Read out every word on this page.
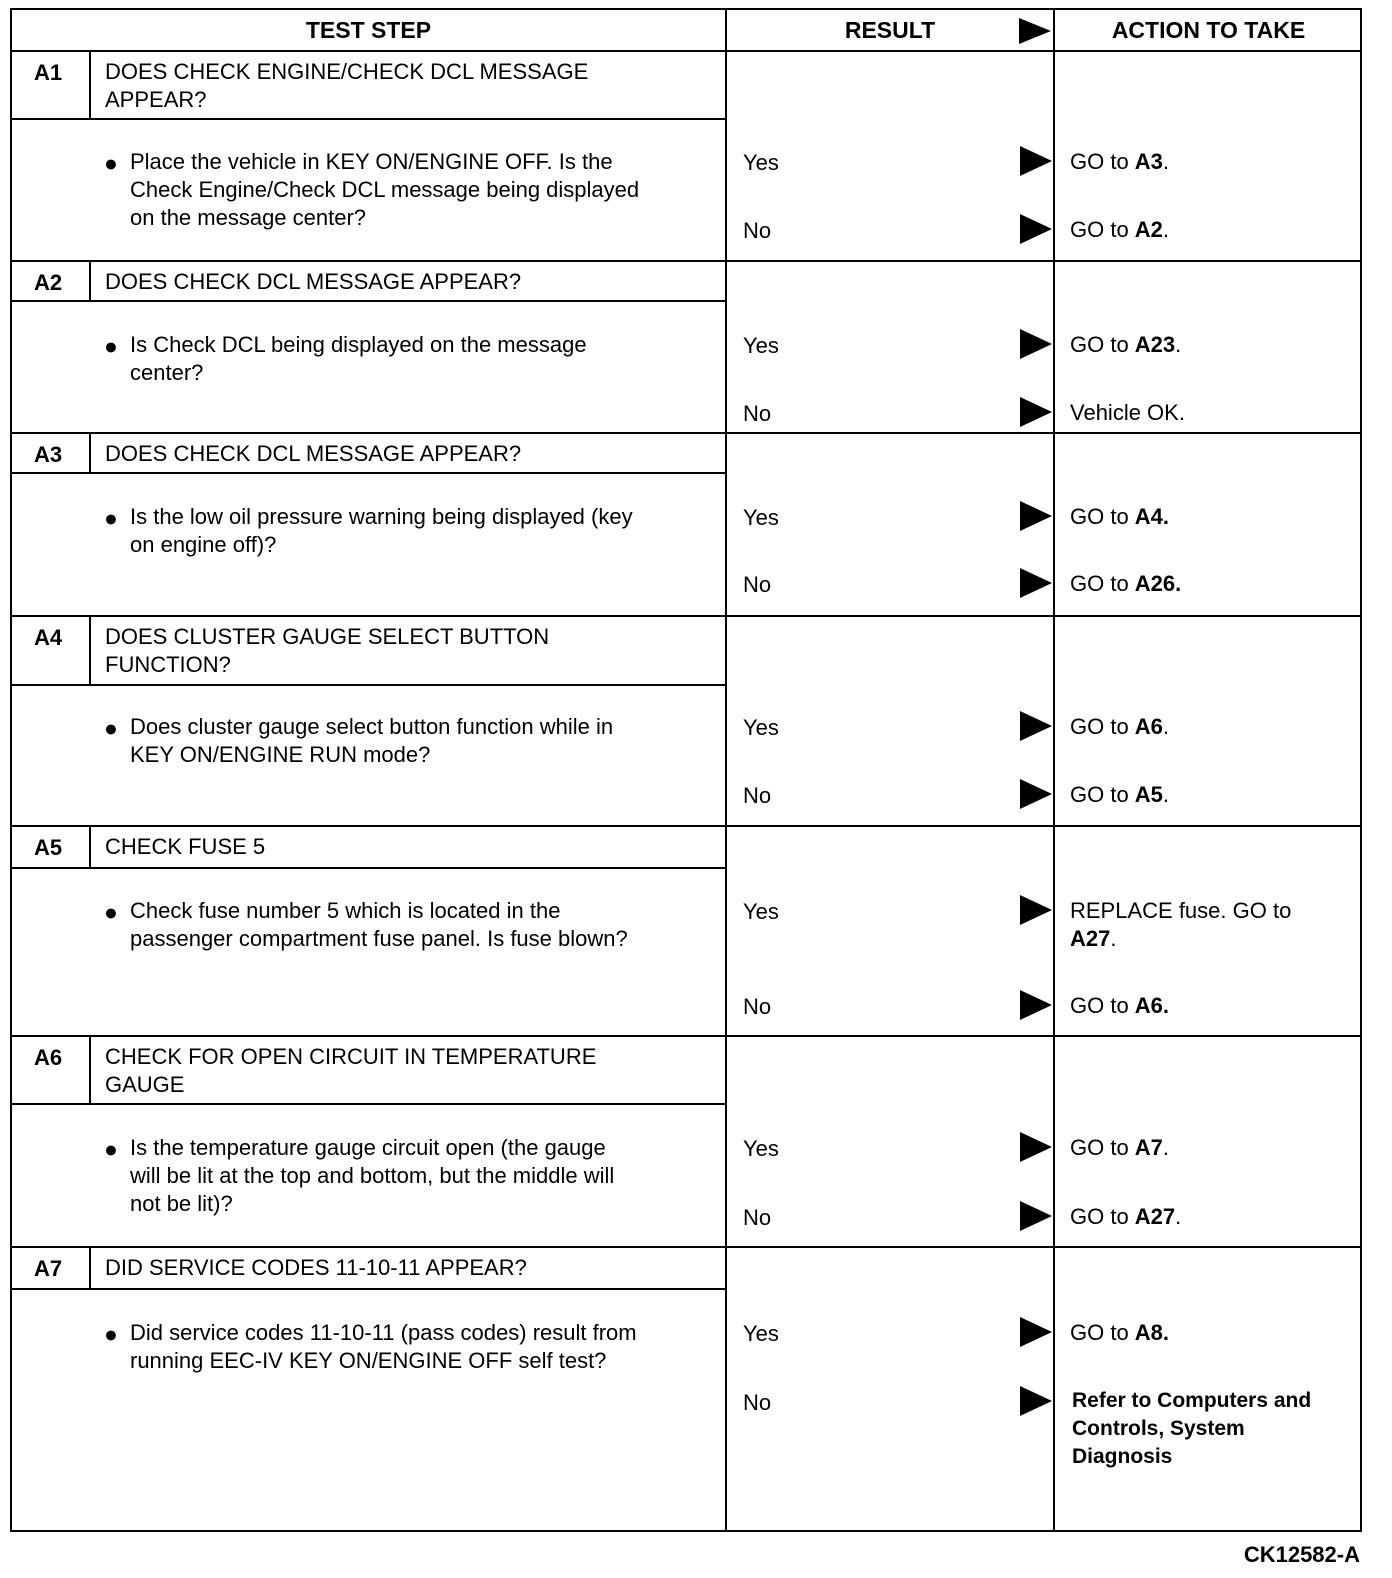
TEST STEP	RESULT	ACTION TO TAKE
A1 DOES CHECK ENGINE/CHECK DCL MESSAGE
APPEAR?
● Place the vehicle in KEY ON/ENGINE OFF. Is the
Check Engine/Check DCL message being displayed
on the message center?
Yes	GO to A3.
No	GO to A2.
A2 DOES CHECK DCL MESSAGE APPEAR?
● Is Check DCL being displayed on the message
center?
Yes	GO to A23.
No	Vehicle OK.
A3 DOES CHECK DCL MESSAGE APPEAR?
● Is the low oil pressure warning being displayed (key
on engine off)?
Yes	GO to A4.
No	GO to A26.
A4 DOES CLUSTER GAUGE SELECT BUTTON
FUNCTION?
● Does cluster gauge select button function while in
KEY ON/ENGINE RUN mode?
Yes	GO to A6.
No	GO to A5.
A5 CHECK FUSE 5
● Check fuse number 5 which is located in the
passenger compartment fuse panel. Is fuse blown?
Yes	REPLACE fuse. GO to
A27.
No	GO to A6.
A6 CHECK FOR OPEN CIRCUIT IN TEMPERATURE
GAUGE
● Is the temperature gauge circuit open (the gauge
will be lit at the top and bottom, but the middle will
not be lit)?
Yes	GO to A7.
No	GO to A27.
A7 DID SERVICE CODES 11-10-11 APPEAR?
● Did service codes 11-10-11 (pass codes) result from
running EEC-IV KEY ON/ENGINE OFF self test?
Yes	GO to A8.
No	Refer to Computers and
Controls, System
Diagnosis
CK12582-A
